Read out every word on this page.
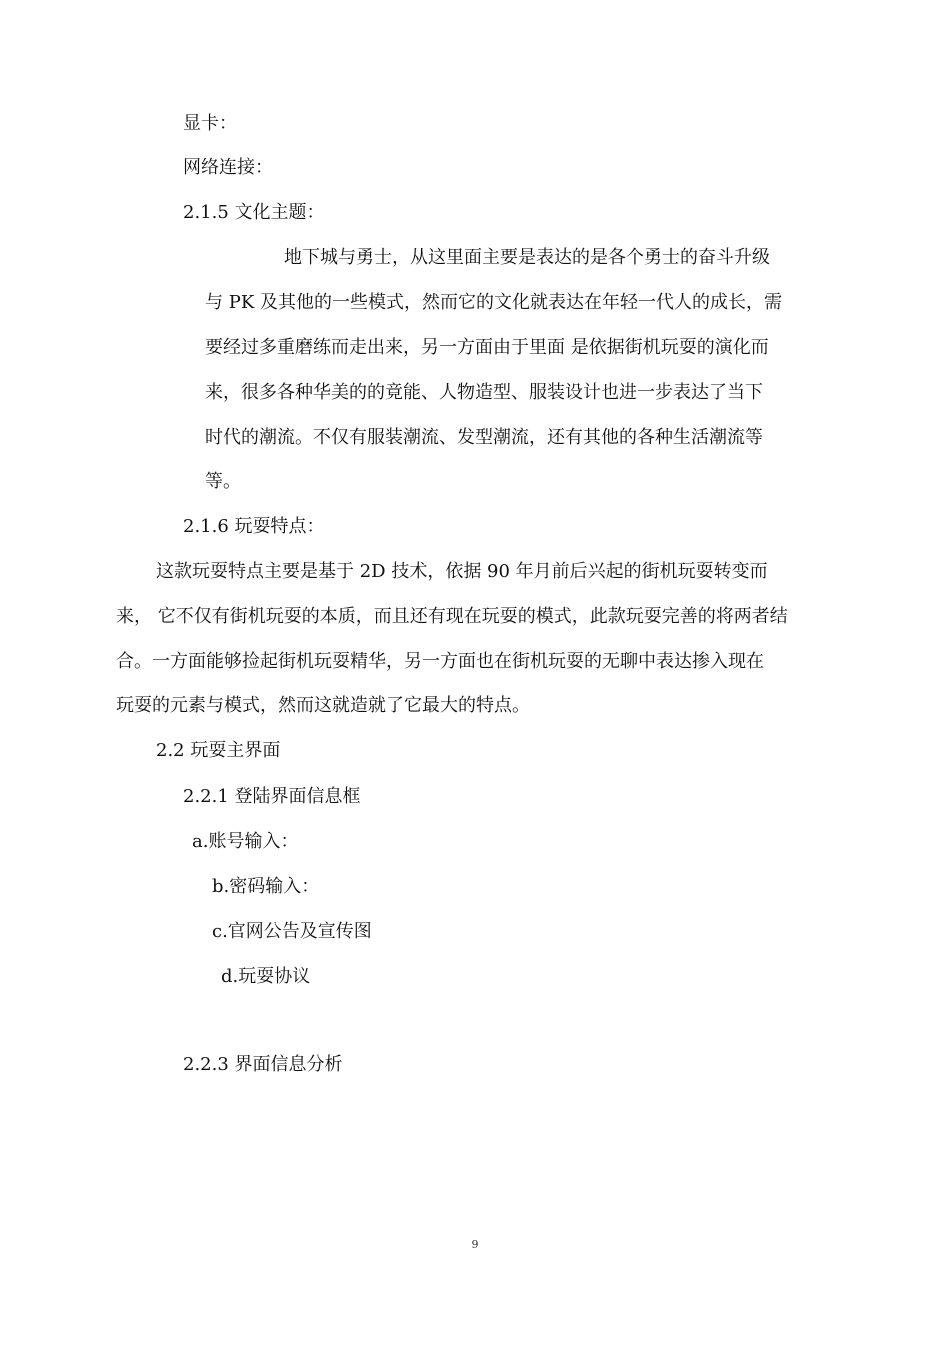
显卡：
网络连接：
2.1.5 文化主题：
地下城与勇士，从这里面主要是表达的是各个勇士的奋斗升级
与 PK 及其他的一些模式，然而它的文化就表达在年轻一代人的成长，需
要经过多重磨练而走出来，另一方面由于里面 是依据街机玩耍的演化而
来，很多各种华美的的竟能、人物造型、服装设计也进一步表达了当下
时代的潮流。不仅有服装潮流、发型潮流，还有其他的各种生活潮流等
等。
2.1.6 玩耍特点：
这款玩耍特点主要是基于 2D 技术，依据 90 年月前后兴起的街机玩耍转变而
来， 它不仅有街机玩耍的本质，而且还有现在玩耍的模式，此款玩耍完善的将两者结
合。一方面能够捡起街机玩耍精华，另一方面也在街机玩耍的无聊中表达掺入现在
玩耍的元素与模式，然而这就造就了它最大的特点。
2.2 玩耍主界面
2.2.1 登陆界面信息框
a.账号输入：
b.密码输入：
c.官网公告及宣传图
d.玩耍协议
2.2.3 界面信息分析
9
